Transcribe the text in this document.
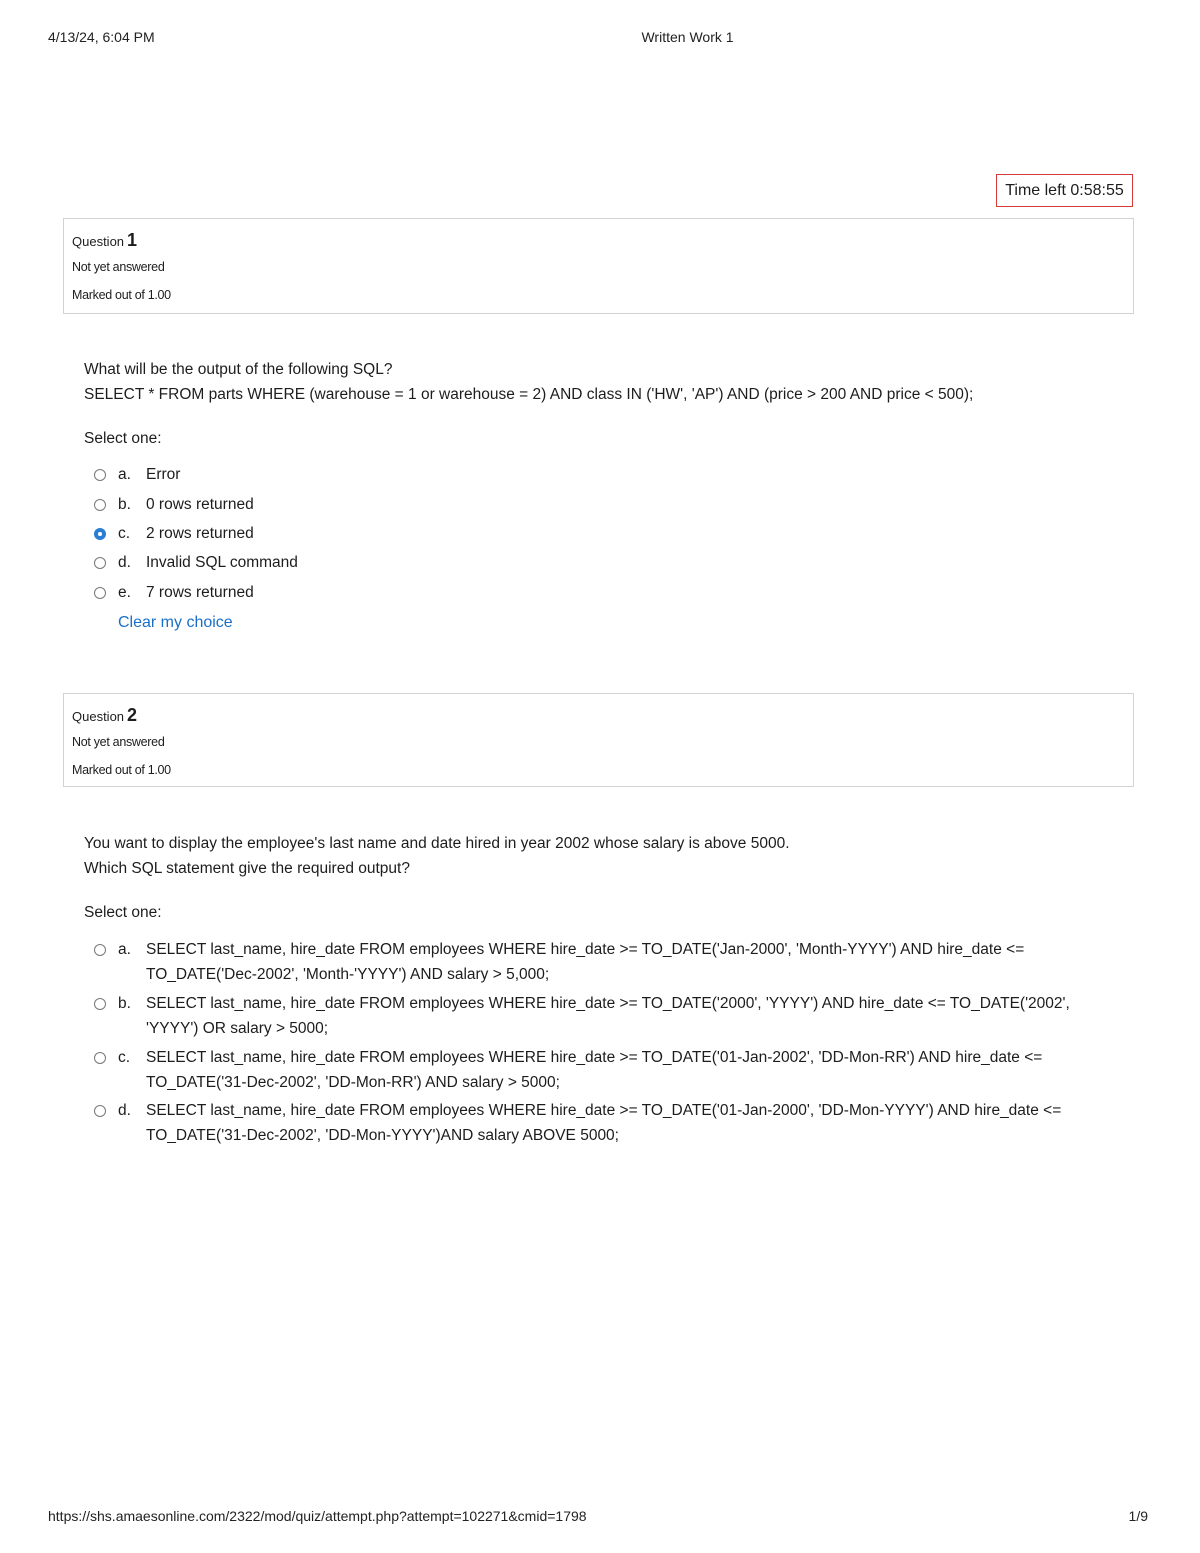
4/13/24, 6:04 PM	Written Work 1
Time left 0:58:55
Question 1
Not yet answered
Marked out of 1.00
What will be the output of the following SQL?
SELECT * FROM parts WHERE (warehouse = 1 or warehouse = 2) AND class IN ('HW', 'AP') AND (price > 200 AND price < 500);
Select one:
a. Error
b. 0 rows returned
c.	2 rows returned
d. Invalid SQL command
e. 7 rows returned
Clear my choice
Question 2
Not yet answered
Marked out of 1.00
You want to display the employee's last name and date hired in year 2002 whose salary is above 5000.
Which SQL statement give the required output?
Select one:
a. SELECT last_name, hire_date FROM employees WHERE hire_date >= TO_DATE('Jan-2000', 'Month-YYYY') AND hire_date <= TO_DATE('Dec-2002', 'Month-'YYYY') AND salary > 5,000;
b. SELECT last_name, hire_date FROM employees WHERE hire_date >= TO_DATE('2000', 'YYYY') AND hire_date <= TO_DATE('2002', 'YYYY') OR salary > 5000;
c.	SELECT last_name, hire_date FROM employees WHERE hire_date >= TO_DATE('01-Jan-2002', 'DD-Mon-RR') AND hire_date <= TO_DATE('31-Dec-2002', 'DD-Mon-RR') AND salary > 5000;
d. SELECT last_name, hire_date FROM employees WHERE hire_date >= TO_DATE('01-Jan-2000', 'DD-Mon-YYYY') AND hire_date <= TO_DATE('31-Dec-2002', 'DD-Mon-YYYY')AND salary ABOVE 5000;
https://shs.amaesonline.com/2322/mod/quiz/attempt.php?attempt=102271&cmid=1798	1/9
